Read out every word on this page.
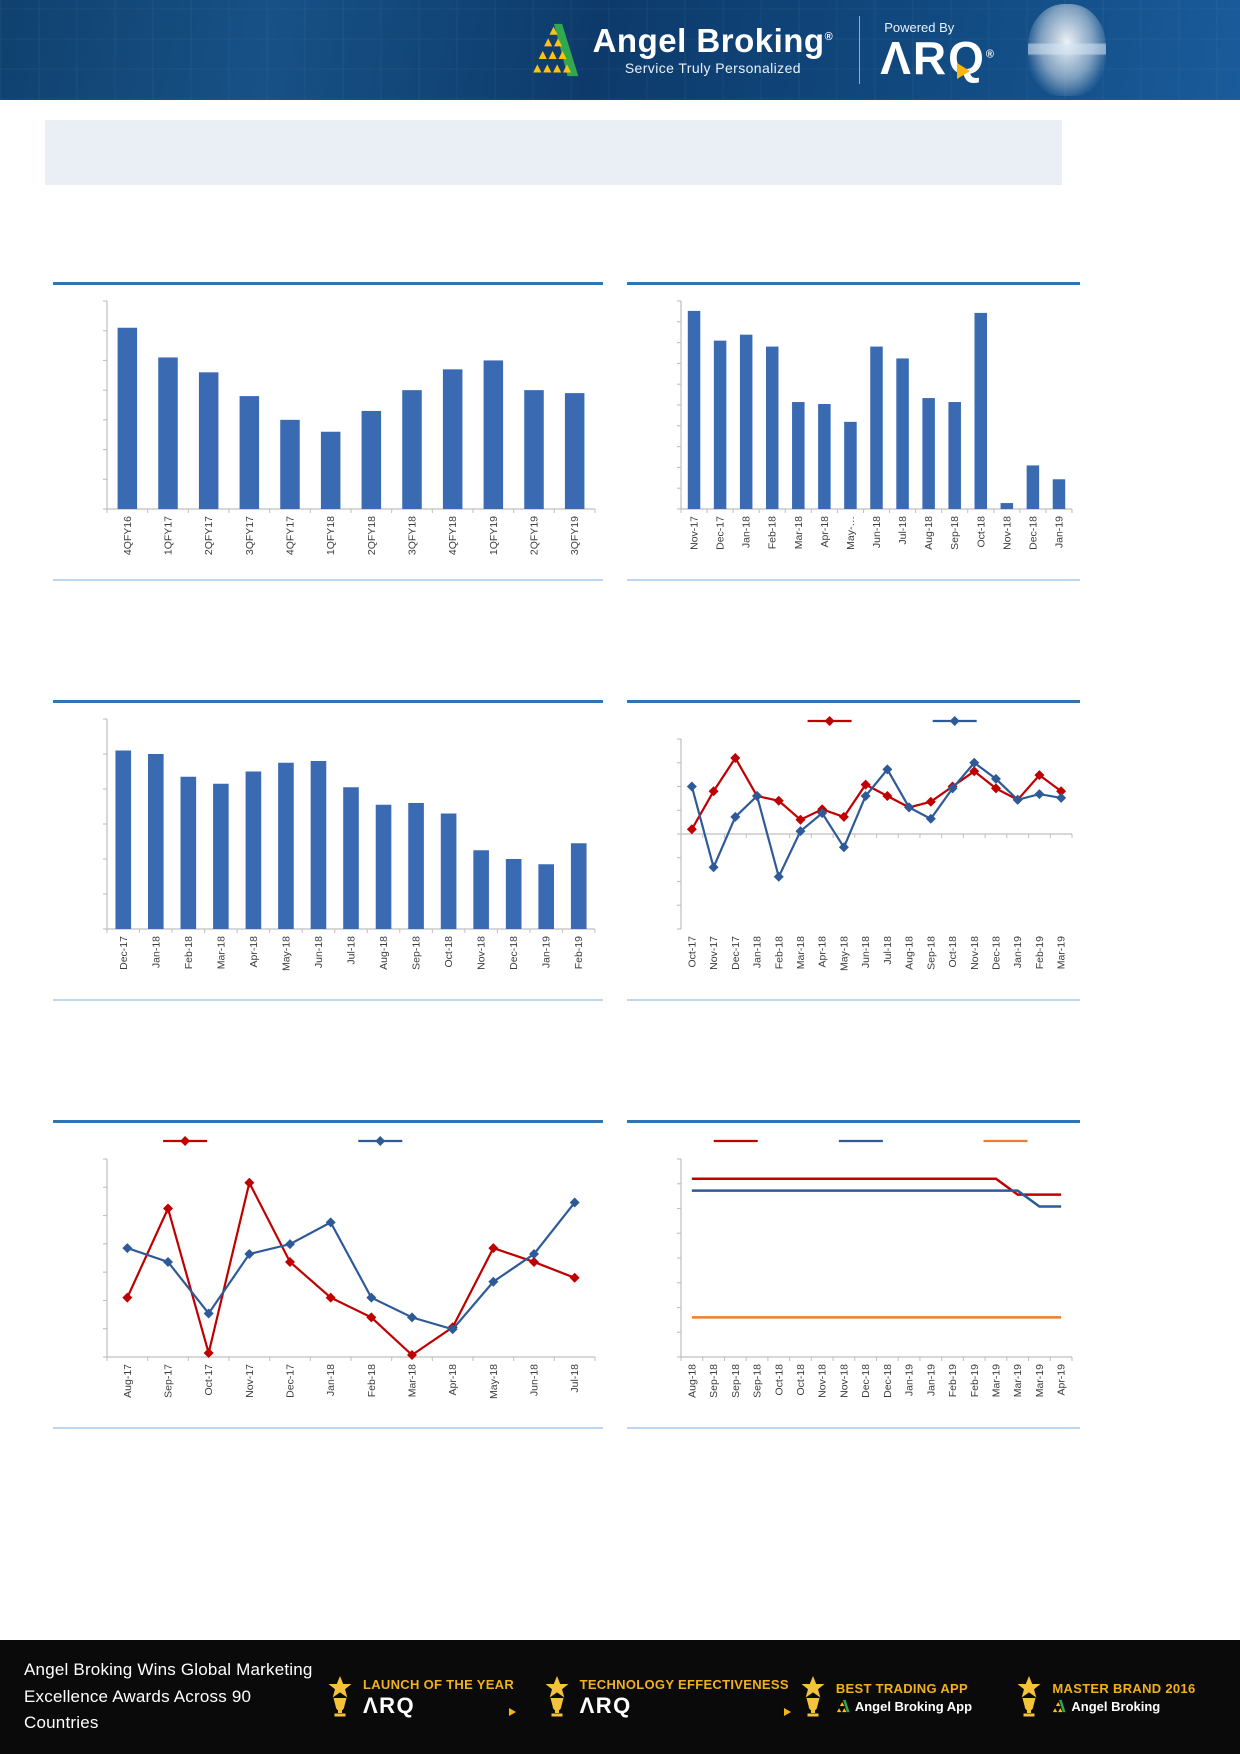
Angel Broking®
Service Truly Personalized
Powered By
ΛRQ®
4QFY16	1QFY17	2QFY17	3QFY17	4QFY17	1QFY18	2QFY18	3QFY18	4QFY18	1QFY19	2QFY19	3QFY19	Nov-17 Dec-17 Jan-18 Feb-18 Mar-18 Apr-18 May-… Jun-18 Jul-18 Aug-18 Sep-18 Oct-18 Nov-18 Dec-18 Jan-19
Dec-17 Jan-18 Feb-18 Mar-18 Apr-18 May-18 Jun-18 Jul-18 Aug-18 Sep-18 Oct-18 Nov-18 Dec-18 Jan-19 Feb-19	Oct-17 Nov-17 Dec-17 Jan-18 Feb-18 Mar-18 Apr-18 May-18 Jun-18 Jul-18 Aug-18 Sep-18 Oct-18 Nov-18 Dec-18 Jan-19 Feb-19 Mar-19
Aug-17	Sep-17	Oct-17	Nov-17	Dec-17	Jan-18	Feb-18	Mar-18	Apr-18	May-18	Jun-18	Jul-18	Aug-18 Sep-18 Sep-18 Sep-18 Oct-18 Oct-18 Nov-18 Nov-18 Dec-18 Dec-18 Jan-19 Jan-19 Feb-19 Feb-19 Mar-19 Mar-19 Mar-19 Apr-19
Angel Broking Wins Global Marketing
Excellence Awards Across 90 Countries
LAUNCH OF THE YEAR
ΛRQ
TECHNOLOGY EFFECTIVENESS
ΛRQ
BEST TRADING APP
Angel Broking App
MASTER BRAND 2016
Angel Broking
